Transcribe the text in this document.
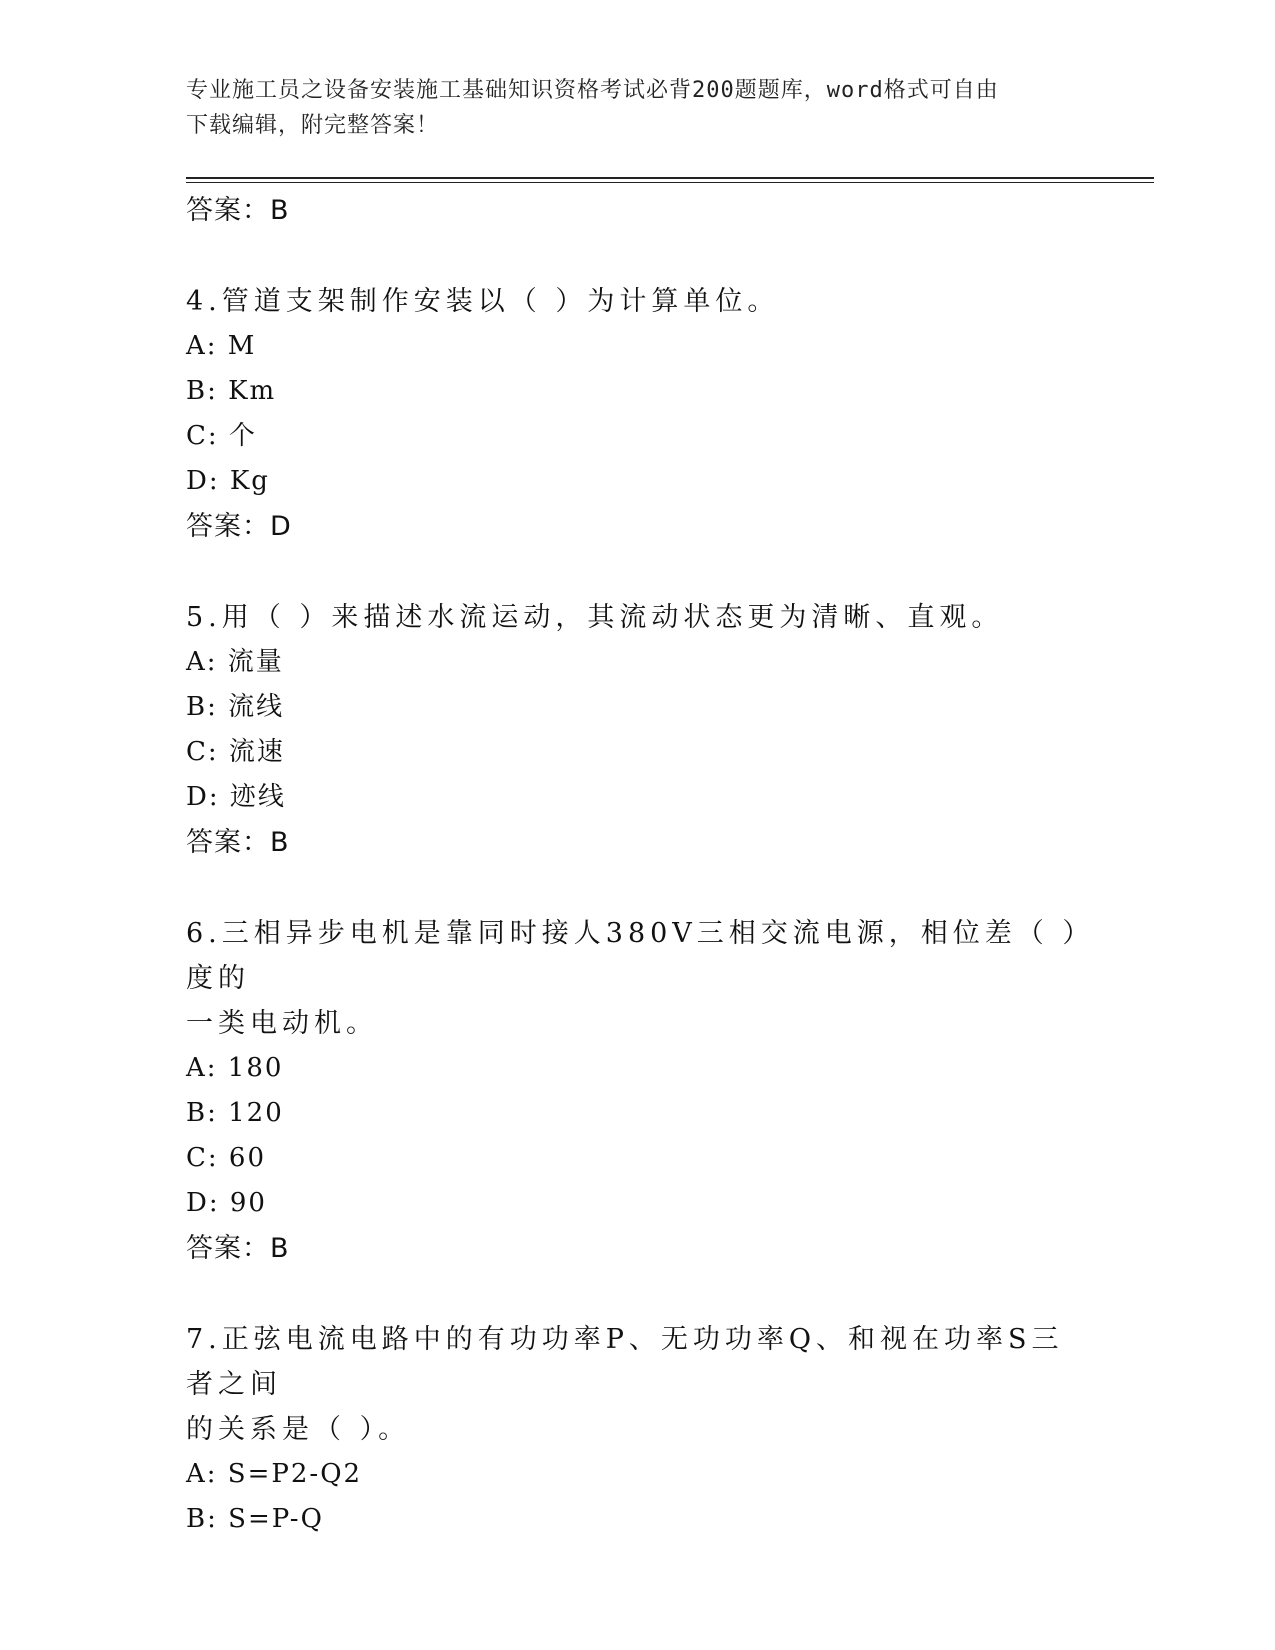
专业施工员之设备安装施工基础知识资格考试必背200题题库，word格式可自由
下载编辑，附完整答案！
答案：B
4.管道支架制作安装以（ ）为计算单位。
A: M
B: Km
C: 个
D: Kg
答案：D
5.用（ ）来描述水流运动，其流动状态更为清晰、直观。
A: 流量
B: 流线
C: 流速
D: 迹线
答案：B
6.三相异步电机是靠同时接人380V三相交流电源，相位差（ ）度的
一类电动机。
A: 180
B: 120
C: 60
D: 90
答案：B
7.正弦电流电路中的有功功率P、无功功率Q、和视在功率S三者之间
的关系是（ ）。
A: S=P2-Q2
B: S=P-Q
